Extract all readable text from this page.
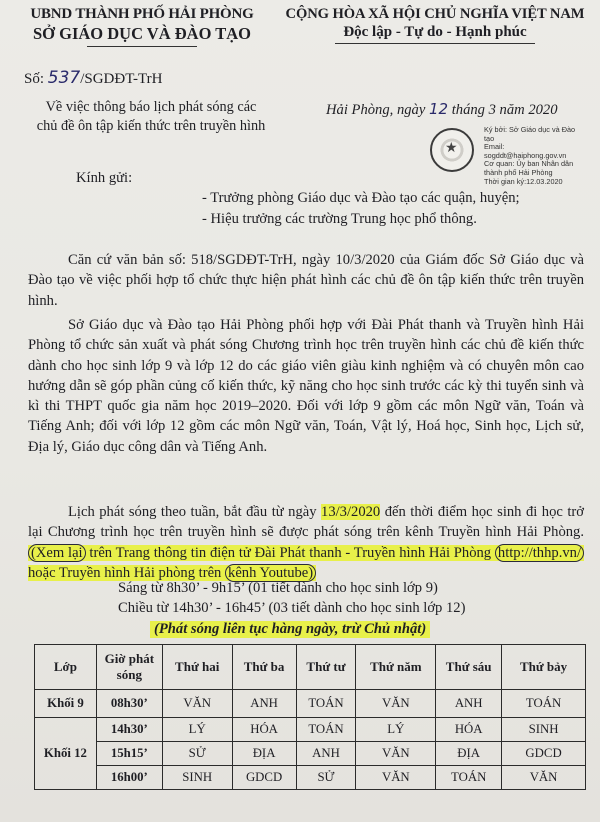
UBND THÀNH PHỐ HẢI PHÒNG
SỞ GIÁO DỤC VÀ ĐÀO TẠO
CỘNG HÒA XÃ HỘI CHỦ NGHĨA VIỆT NAM
Độc lập - Tự do - Hạnh phúc
Số: 537/SGDĐT-TrH
Về việc thông báo lịch phát sóng các
chủ đề ôn tập kiến thức trên truyền hình
Hải Phòng, ngày 12 tháng 3 năm 2020
★
Ký bởi: Sở Giáo dục và Đào
tạo
Email:
sogddt@haiphong.gov.vn
Cơ quan: Ủy ban Nhân dân
thành phố Hải Phòng
Thời gian ký:12.03.2020
Kính gửi:
- Trưởng phòng Giáo dục và Đào tạo các quận, huyện;
- Hiệu trưởng các trường Trung học phổ thông.
Căn cứ văn bản số: 518/SGDĐT-TrH, ngày 10/3/2020 của Giám đốc Sở Giáo dục và Đào tạo về việc phối hợp tổ chức thực hiện phát hình các chủ đề ôn tập kiến thức trên truyền hình.
Sở Giáo dục và Đào tạo Hải Phòng phối hợp với Đài Phát thanh và Truyền hình Hải Phòng tổ chức sản xuất và phát sóng Chương trình học trên truyền hình các chủ đề kiến thức dành cho học sinh lớp 9 và lớp 12 do các giáo viên giàu kinh nghiệm và có chuyên môn cao hướng dẫn sẽ góp phần củng cố kiến thức, kỹ năng cho học sinh trước các kỳ thi tuyển sinh và kì thi THPT quốc gia năm học 2019–2020. Đối với lớp 9 gồm các môn Ngữ văn, Toán và Tiếng Anh; đối với lớp 12 gồm các môn Ngữ văn, Toán, Vật lý, Hoá học, Sinh học, Lịch sử, Địa lý, Giáo dục công dân và Tiếng Anh.
Lịch phát sóng theo tuần, bắt đầu từ ngày 13/3/2020 đến thời điểm học sinh đi học trở lại Chương trình học trên truyền hình sẽ được phát sóng trên kênh Truyền hình Hải Phòng. (Xem lại trên Trang thông tin điện tử Đài Phát thanh - Truyền hình Hải Phòng http://thhp.vn/ hoặc Truyền hình Hải phòng trên kênh Youtube)
Sáng từ 8h30’ - 9h15’ (01 tiết dành cho học sinh lớp 9)
Chiều từ 14h30’ - 16h45’ (03 tiết dành cho học sinh lớp 12)
(Phát sóng liên tục hàng ngày, trừ Chủ nhật)
Lớp	Giờ phát sóng	Thứ hai	Thứ ba	Thứ tư	Thứ năm	Thứ sáu	Thứ bảy
Khối 9	08h30’	VĂN	ANH	TOÁN	VĂN	ANH	TOÁN
Khối 12	14h30’	LÝ	HÓA	TOÁN	LÝ	HÓA	SINH
	15h15’	SỬ	ĐỊA	ANH	VĂN	ĐỊA	GDCD
	16h00’	SINH	GDCD	SỬ	VĂN	TOÁN	VĂN
